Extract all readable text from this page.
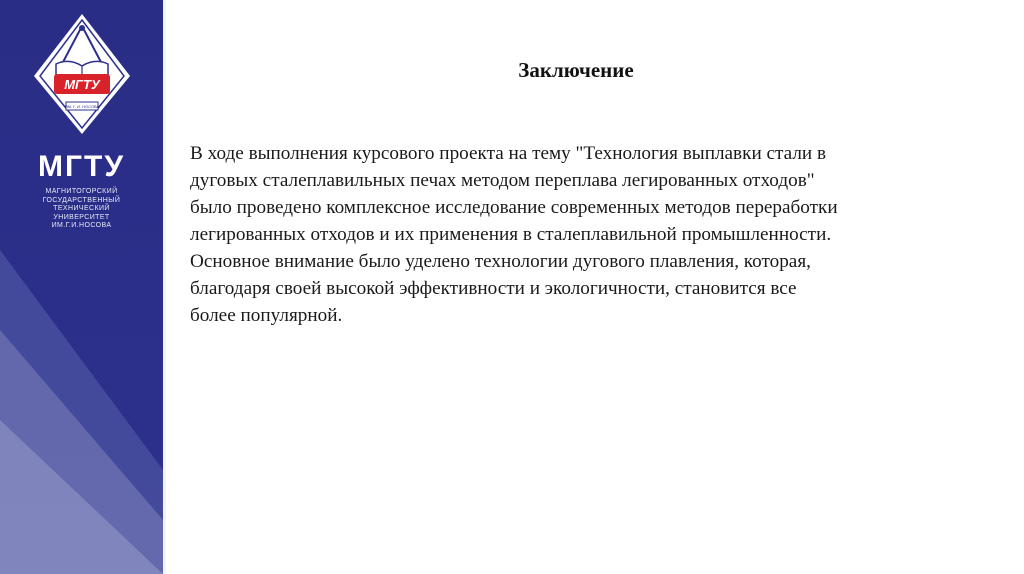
МГТУ
ИМ. Г. И. НОСОВА
МГТУ
МАГНИТОГОРСКИЙ
ГОСУДАРСТВЕННЫЙ
ТЕХНИЧЕСКИЙ
УНИВЕРСИТЕТ
ИМ.Г.И.НОСОВА
Заключение
В ходе выполнения курсового проекта на тему "Технология выплавки стали в
дуговых сталеплавильных печах методом переплава легированных отходов"
было проведено комплексное исследование современных методов переработки
легированных отходов и их применения в сталеплавильной промышленности.
Основное внимание было уделено технологии дугового плавления, которая,
благодаря своей высокой эффективности и экологичности, становится все
более популярной.
